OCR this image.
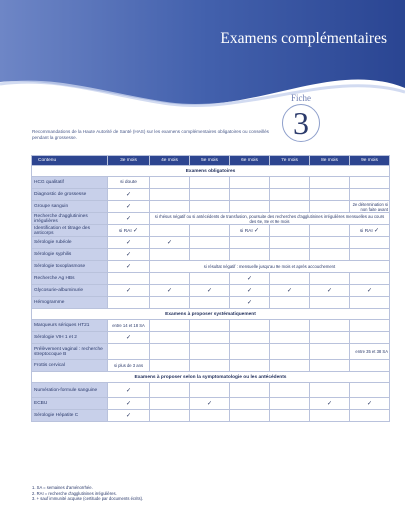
Examens complémentaires
Fiche
3
Recommandations de la Haute Autorité de Santé (HAS) sur les examens complémentaires obligatoires ou conseillés pendant la grossesse.
Contenu	3e mois	4e mois	5e mois	6e mois	7e mois	8e mois	9e mois
Examens obligatoires							
HCG qualitatif	si doute						
Diagnostic de grossesse	✓						
Groupe sanguin	✓						2e détermination si non faite avant
Recherche d'agglutinines irrégulières	✓	si rhésus négatif ou si antécédents de transfusion, poursuite des recherches d'agglutinines irrégulières mensuelles au cours des 6e, 8e et 9e mois					
Identification et titrage des anticorps	si RAI ✓			si RAI ✓			si RAI ✓
Sérologie rubéole	✓	✓					
Sérologie syphilis	✓						
Sérologie toxoplasmose	✓	si résultat négatif : mensuelle jusqu'au 9e mois et après accouchement					
Recherche Ag HBs				✓			
Glycosurie-albuminurie	✓	✓	✓	✓	✓	✓	✓
Hémogramme				✓			
Examens à proposer systématiquement							
Marqueurs sériques HT21	entre 14 et 18 SA						
Sérologie VIH 1 et 2	✓						
Prélèvement vaginal : recherche streptocoque B							entre 35 et 38 SA
Frottis cervical	si plus de 3 ans						
Examens à proposer selon la symptomatologie ou les antécédents							
Numération-formule sanguine	✓						
ECBU	✓		✓			✓	✓
Sérologie Hépatite C	✓						
1. SA = semaines d'aménorrhée.
2. RAI = recherche d'agglutinines irrégulières.
3. + sauf immunité acquise (certitude par documents écrits).
